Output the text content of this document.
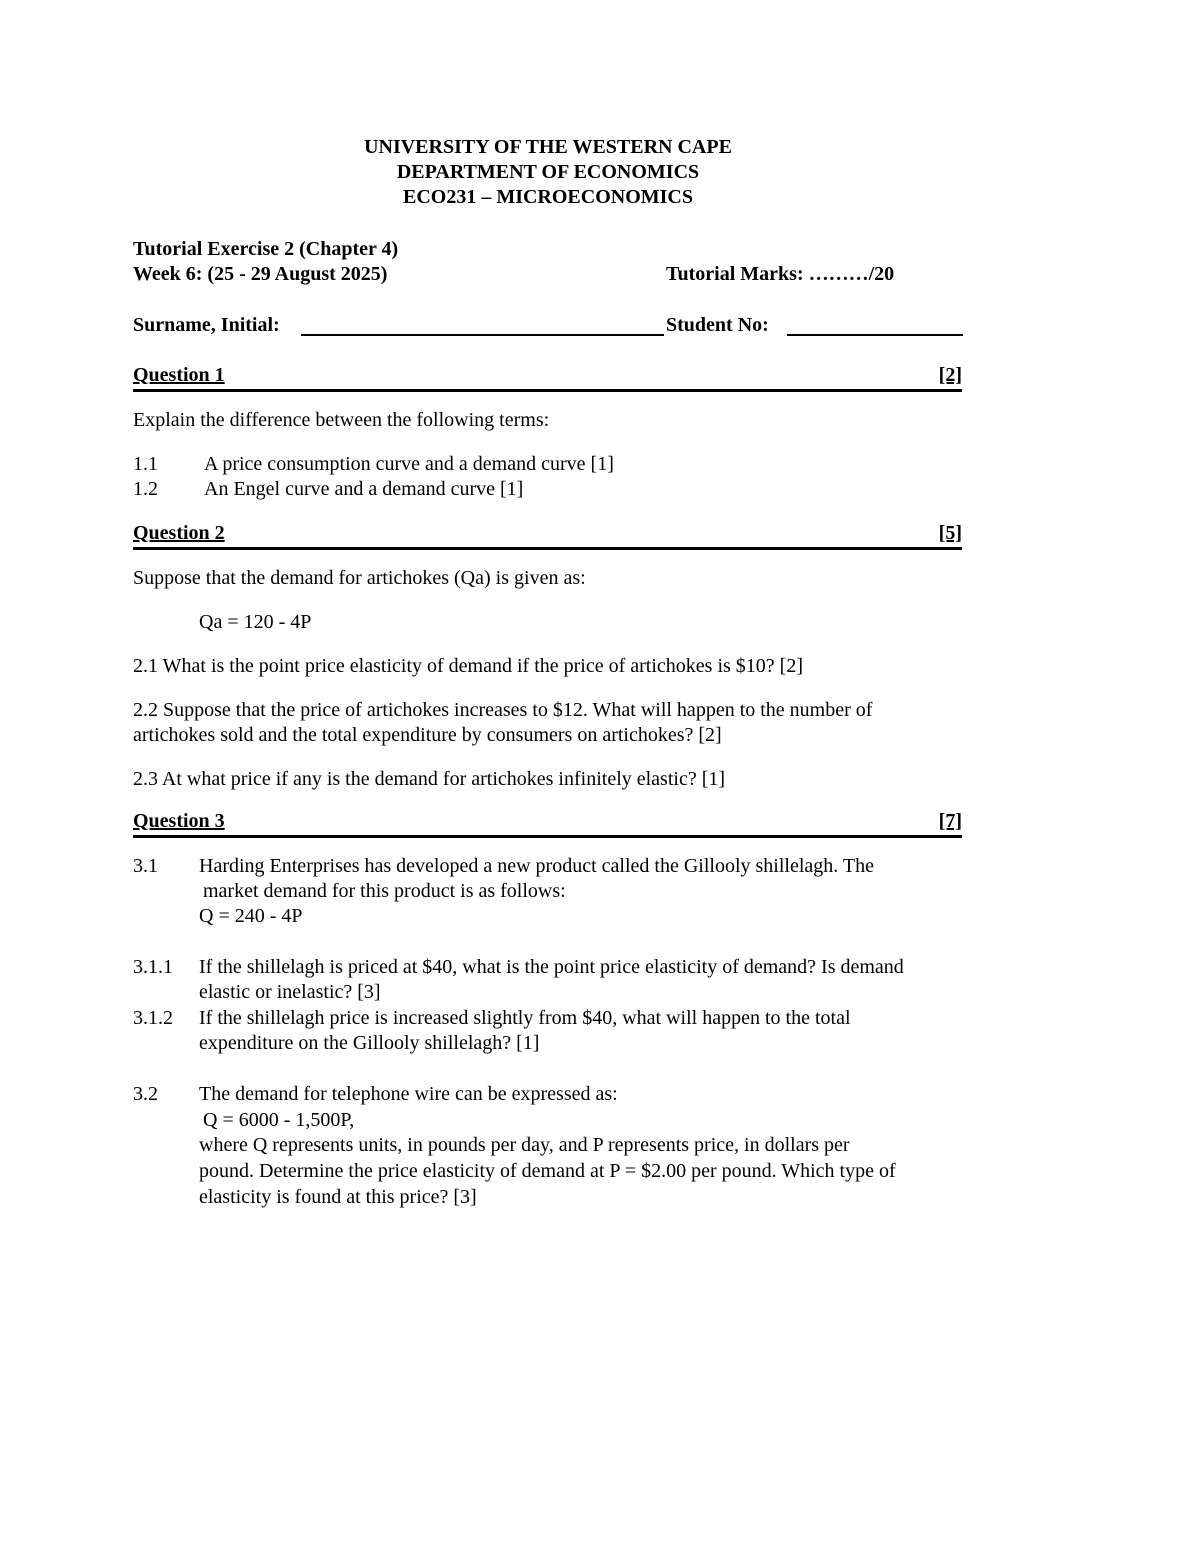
UNIVERSITY OF THE WESTERN CAPE
DEPARTMENT OF ECONOMICS
ECO231 – MICROECONOMICS
Tutorial Exercise 2 (Chapter 4)
Week 6: (25 - 29 August 2025)	Tutorial Marks: ………/20
Surname, Initial:	Student No:
Question 1	[2]
Explain the difference between the following terms:
1.1 A price consumption curve and a demand curve [1]
1.2 An Engel curve and a demand curve [1]
Question 2	[5]
Suppose that the demand for artichokes (Qa) is given as:
Qa = 120 - 4P
2.1 What is the point price elasticity of demand if the price of artichokes is $10? [2]
2.2 Suppose that the price of artichokes increases to $12. What will happen to the number of
artichokes sold and the total expenditure by consumers on artichokes? [2]
2.3 At what price if any is the demand for artichokes infinitely elastic? [1]
Question 3	[7]
3.1 Harding Enterprises has developed a new product called the Gillooly shillelagh. The
market demand for this product is as follows:
Q = 240 - 4P
3.1.1 If the shillelagh is priced at $40, what is the point price elasticity of demand? Is demand
elastic or inelastic? [3]
3.1.2 If the shillelagh price is increased slightly from $40, what will happen to the total
expenditure on the Gillooly shillelagh? [1]
3.2 The demand for telephone wire can be expressed as:
Q = 6000 - 1,500P,
where Q represents units, in pounds per day, and P represents price, in dollars per
pound. Determine the price elasticity of demand at P = $2.00 per pound. Which type of
elasticity is found at this price? [3]
